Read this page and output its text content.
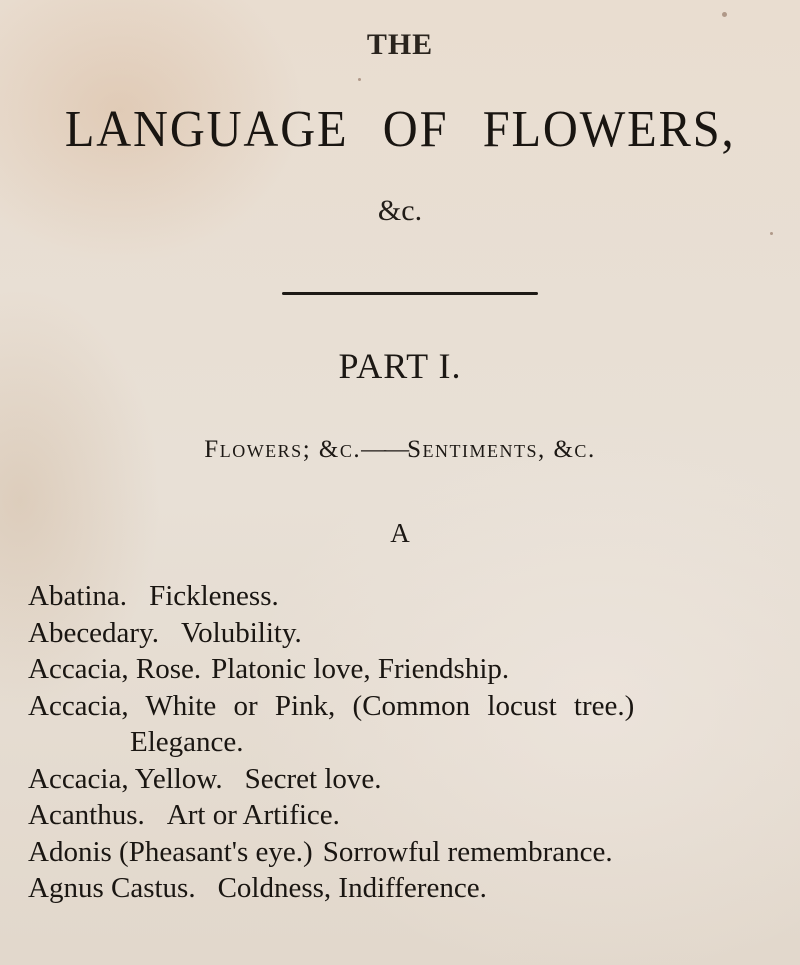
THE
LANGUAGE OF FLOWERS,
&c.
PART I.
Flowers; &c.——Sentiments, &c.
A
Abatina. Fickleness.
Abecedary. Volubility.
Accacia, Rose. Platonic love, Friendship.
Accacia, White or Pink, (Common locust tree.)
Elegance.
Accacia, Yellow. Secret love.
Acanthus. Art or Artifice.
Adonis (Pheasant's eye.) Sorrowful remembrance.
Agnus Castus. Coldness, Indifference.
